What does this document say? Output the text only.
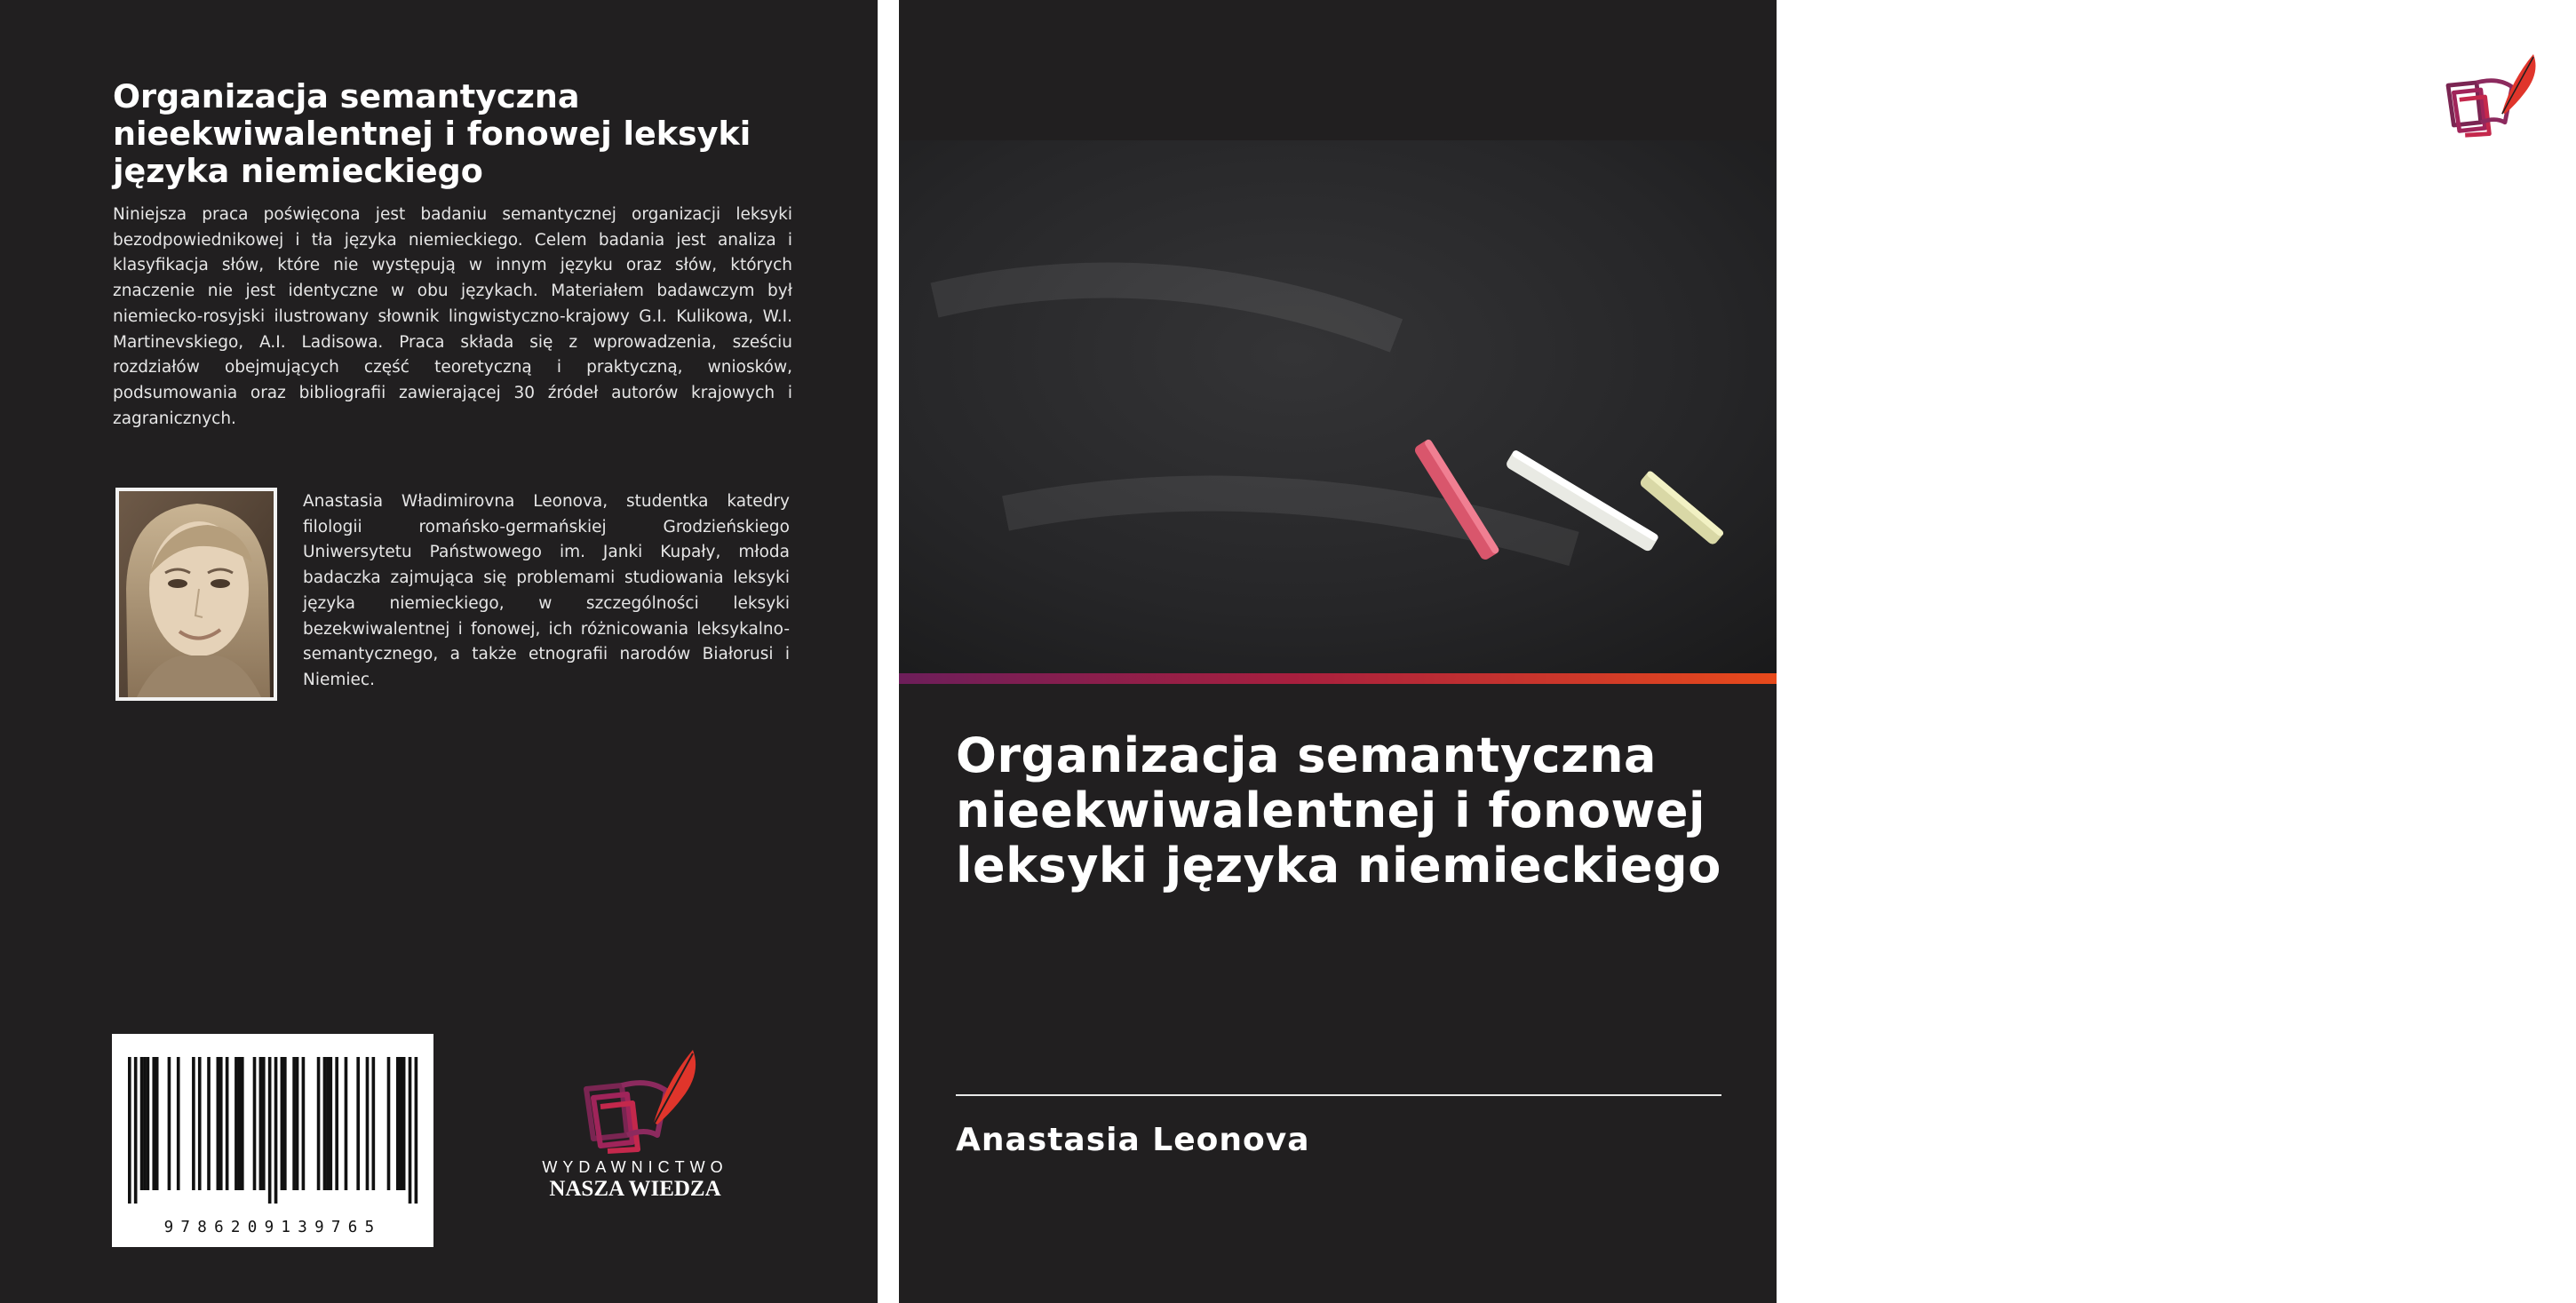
Organizacja semantyczna nieekwiwalentnej i fonowej leksyki języka niemieckiego

Niniejsza praca poświęcona jest badaniu semantycznej organizacji leksyki bezodpowiednikowej i tła języka niemieckiego. Celem badania jest analiza i klasyfikacja słów, które nie występują w innym języku oraz słów, których znaczenie nie jest identyczne w obu językach. Materiałem badawczym był niemiecko-rosyjski ilustrowany słownik lingwistyczno-krajowy G.I. Kulikowa, W.I. Martinevskiego, A.I. Ladisowa. Praca składa się z wprowadzenia, sześciu rozdziałów obejmujących część teoretyczną i praktyczną, wniosków, podsumowania oraz bibliografii zawierającej 30 źródeł autorów krajowych i zagranicznych.

Anastasia Władimirovna Leonova, studentka katedry filologii romańsko-germańskiej Grodzieńskiego Uniwersytetu Państwowego im. Janki Kupały, młoda badaczka zajmująca się problemami studiowania leksyki języka niemieckiego, w szczególności leksyki bezekwiwalentnej i fonowej, ich różnicowania leksykalno-semantycznego, a także etnografii narodów Białorusi i Niemiec.

9786209139765
WYDAWNICTWO
NASZA WIEDZA
WYDAWNICTWO
NASZA WIEDZA
Organizacja semantyczna nieekwiwalentnej i fonowej leksyki języka niemieckiego
Anastasia Leonova
